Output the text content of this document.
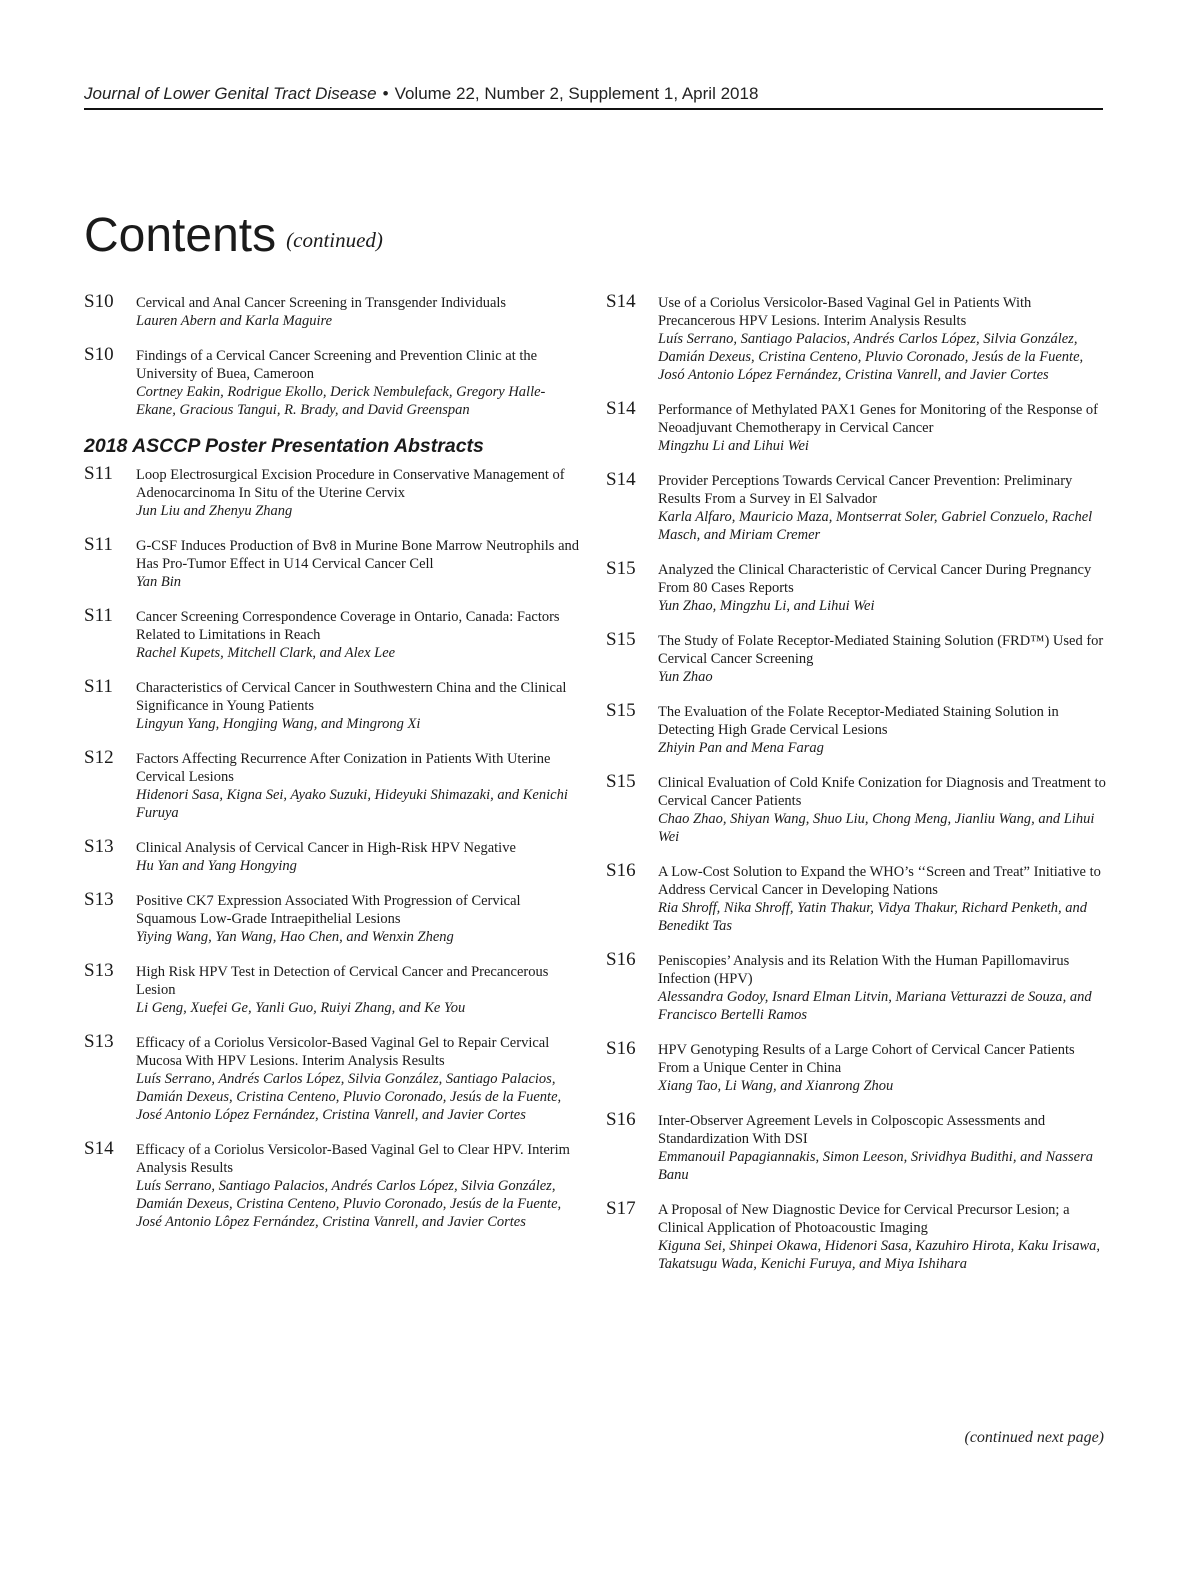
Journal of Lower Genital Tract Disease • Volume 22, Number 2, Supplement 1, April 2018
Contents (continued)
S10	Cervical and Anal Cancer Screening in Transgender Individuals
Lauren Abern and Karla Maguire
S10	Findings of a Cervical Cancer Screening and Prevention Clinic at the University of Buea, Cameroon
Cortney Eakin, Rodrigue Ekollo, Derick Nembulefack, Gregory Halle-Ekane, Gracious Tangui, R. Brady, and David Greenspan
2018 ASCCP Poster Presentation Abstracts
S11	Loop Electrosurgical Excision Procedure in Conservative Management of Adenocarcinoma In Situ of the Uterine Cervix
Jun Liu and Zhenyu Zhang
S11	G-CSF Induces Production of Bv8 in Murine Bone Marrow Neutrophils and Has Pro-Tumor Effect in U14 Cervical Cancer Cell
Yan Bin
S11	Cancer Screening Correspondence Coverage in Ontario, Canada: Factors Related to Limitations in Reach
Rachel Kupets, Mitchell Clark, and Alex Lee
S11	Characteristics of Cervical Cancer in Southwestern China and the Clinical Significance in Young Patients
Lingyun Yang, Hongjing Wang, and Mingrong Xi
S12	Factors Affecting Recurrence After Conization in Patients With Uterine Cervical Lesions
Hidenori Sasa, Kigna Sei, Ayako Suzuki, Hideyuki Shimazaki, and Kenichi Furuya
S13	Clinical Analysis of Cervical Cancer in High-Risk HPV Negative
Hu Yan and Yang Hongying
S13	Positive CK7 Expression Associated With Progression of Cervical Squamous Low-Grade Intraepithelial Lesions
Yiying Wang, Yan Wang, Hao Chen, and Wenxin Zheng
S13	High Risk HPV Test in Detection of Cervical Cancer and Precancerous Lesion
Li Geng, Xuefei Ge, Yanli Guo, Ruiyi Zhang, and Ke You
S13	Efficacy of a Coriolus Versicolor-Based Vaginal Gel to Repair Cervical Mucosa With HPV Lesions. Interim Analysis Results
Luís Serrano, Andrés Carlos López, Silvia González, Santiago Palacios, Damián Dexeus, Cristina Centeno, Pluvio Coronado, Jesús de la Fuente, José Antonio López Fernández, Cristina Vanrell, and Javier Cortes
S14	Efficacy of a Coriolus Versicolor-Based Vaginal Gel to Clear HPV. Interim Analysis Results
Luís Serrano, Santiago Palacios, Andrés Carlos López, Silvia González, Damián Dexeus, Cristina Centeno, Pluvio Coronado, Jesús de la Fuente, José Antonio Lôpez Fernández, Cristina Vanrell, and Javier Cortes
S14	Use of a Coriolus Versicolor-Based Vaginal Gel in Patients With Precancerous HPV Lesions. Interim Analysis Results
Luís Serrano, Santiago Palacios, Andrés Carlos López, Silvia González, Damián Dexeus, Cristina Centeno, Pluvio Coronado, Jesús de la Fuente, Josó Antonio López Fernández, Cristina Vanrell, and Javier Cortes
S14	Performance of Methylated PAX1 Genes for Monitoring of the Response of Neoadjuvant Chemotherapy in Cervical Cancer
Mingzhu Li and Lihui Wei
S14	Provider Perceptions Towards Cervical Cancer Prevention: Preliminary Results From a Survey in El Salvador
Karla Alfaro, Mauricio Maza, Montserrat Soler, Gabriel Conzuelo, Rachel Masch, and Miriam Cremer
S15	Analyzed the Clinical Characteristic of Cervical Cancer During Pregnancy From 80 Cases Reports
Yun Zhao, Mingzhu Li, and Lihui Wei
S15	The Study of Folate Receptor-Mediated Staining Solution (FRD™) Used for Cervical Cancer Screening
Yun Zhao
S15	The Evaluation of the Folate Receptor-Mediated Staining Solution in Detecting High Grade Cervical Lesions
Zhiyin Pan and Mena Farag
S15	Clinical Evaluation of Cold Knife Conization for Diagnosis and Treatment to Cervical Cancer Patients
Chao Zhao, Shiyan Wang, Shuo Liu, Chong Meng, Jianliu Wang, and Lihui Wei
S16	A Low-Cost Solution to Expand the WHO’s ‘‘Screen and Treat” Initiative to Address Cervical Cancer in Developing Nations
Ria Shroff, Nika Shroff, Yatin Thakur, Vidya Thakur, Richard Penketh, and Benedikt Tas
S16	Peniscopies’ Analysis and its Relation With the Human Papillomavirus Infection (HPV)
Alessandra Godoy, Isnard Elman Litvin, Mariana Vetturazzi de Souza, and Francisco Bertelli Ramos
S16	HPV Genotyping Results of a Large Cohort of Cervical Cancer Patients From a Unique Center in China
Xiang Tao, Li Wang, and Xianrong Zhou
S16	Inter-Observer Agreement Levels in Colposcopic Assessments and Standardization With DSI
Emmanouil Papagiannakis, Simon Leeson, Srividhya Budithi, and Nassera Banu
S17	A Proposal of New Diagnostic Device for Cervical Precursor Lesion; a Clinical Application of Photoacoustic Imaging
Kiguna Sei, Shinpei Okawa, Hidenori Sasa, Kazuhiro Hirota, Kaku Irisawa, Takatsugu Wada, Kenichi Furuya, and Miya Ishihara
(continued next page)
